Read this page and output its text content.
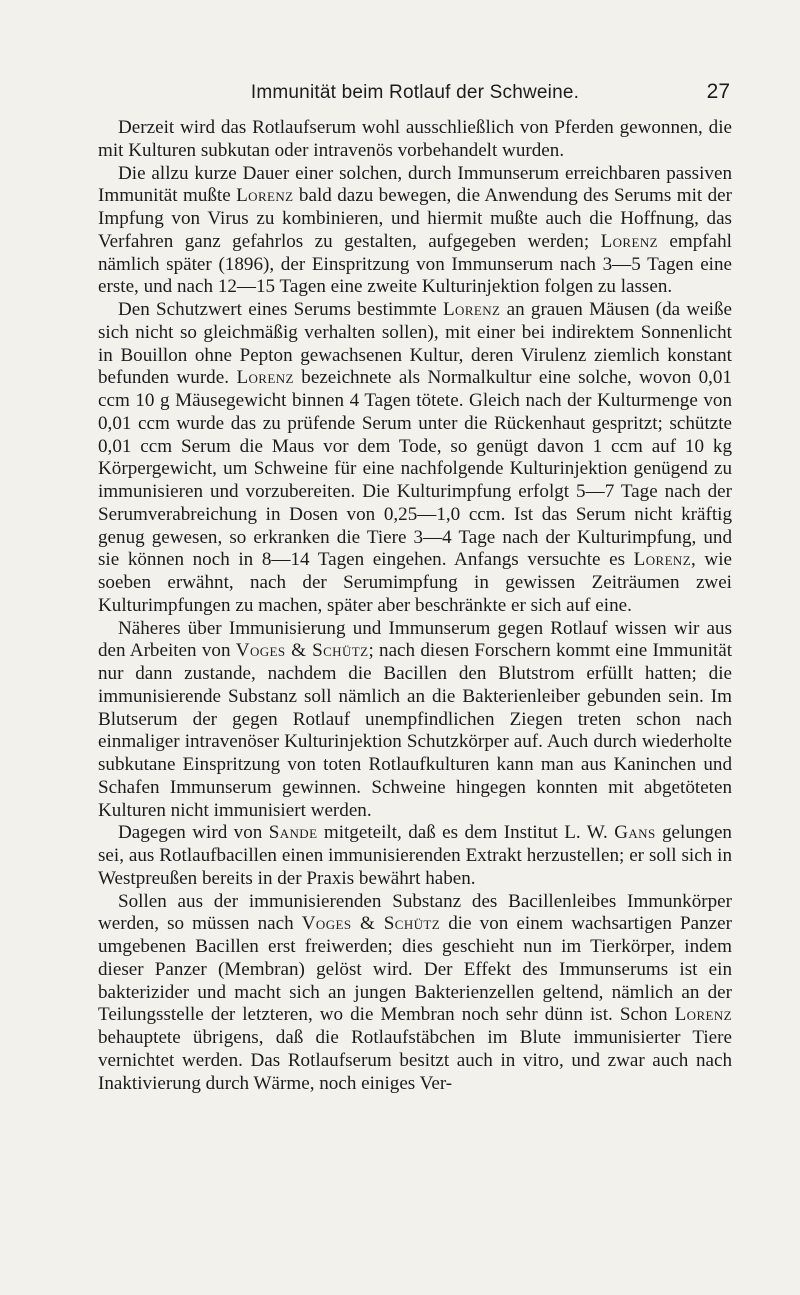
Immunität beim Rotlauf der Schweine.	27

Derzeit wird das Rotlaufserum wohl ausschließlich von Pferden gewonnen, die mit Kulturen subkutan oder intravenös vorbehandelt wurden.

Die allzu kurze Dauer einer solchen, durch Immunserum erreichbaren passiven Immunität mußte Lorenz bald dazu bewegen, die Anwendung des Serums mit der Impfung von Virus zu kombinieren, und hiermit mußte auch die Hoffnung, das Verfahren ganz gefahrlos zu gestalten, aufgegeben werden; Lorenz empfahl nämlich später (1896), der Einspritzung von Immunserum nach 3—5 Tagen eine erste, und nach 12—15 Tagen eine zweite Kulturinjektion folgen zu lassen.

Den Schutzwert eines Serums bestimmte Lorenz an grauen Mäusen (da weiße sich nicht so gleichmäßig verhalten sollen), mit einer bei indirektem Sonnenlicht in Bouillon ohne Pepton gewachsenen Kultur, deren Virulenz ziemlich konstant befunden wurde. Lorenz bezeichnete als Normalkultur eine solche, wovon 0,01 ccm 10 g Mäusegewicht binnen 4 Tagen tötete. Gleich nach der Kulturmenge von 0,01 ccm wurde das zu prüfende Serum unter die Rückenhaut gespritzt; schützte 0,01 ccm Serum die Maus vor dem Tode, so genügt davon 1 ccm auf 10 kg Körpergewicht, um Schweine für eine nachfolgende Kulturinjektion genügend zu immunisieren und vorzubereiten. Die Kulturimpfung erfolgt 5—7 Tage nach der Serumverabreichung in Dosen von 0,25—1,0 ccm. Ist das Serum nicht kräftig genug gewesen, so erkranken die Tiere 3—4 Tage nach der Kulturimpfung, und sie können noch in 8—14 Tagen eingehen. Anfangs versuchte es Lorenz, wie soeben erwähnt, nach der Serumimpfung in gewissen Zeiträumen zwei Kulturimpfungen zu machen, später aber beschränkte er sich auf eine.

Näheres über Immunisierung und Immunserum gegen Rotlauf wissen wir aus den Arbeiten von Voges & Schütz; nach diesen Forschern kommt eine Immunität nur dann zustande, nachdem die Bacillen den Blutstrom erfüllt hatten; die immunisierende Substanz soll nämlich an die Bakterienleiber gebunden sein. Im Blutserum der gegen Rotlauf unempfindlichen Ziegen treten schon nach einmaliger intravenöser Kulturinjektion Schutzkörper auf. Auch durch wiederholte subkutane Einspritzung von toten Rotlaufkulturen kann man aus Kaninchen und Schafen Immunserum gewinnen. Schweine hingegen konnten mit abgetöteten Kulturen nicht immunisiert werden.

Dagegen wird von Sande mitgeteilt, daß es dem Institut L. W. Gans gelungen sei, aus Rotlaufbacillen einen immunisierenden Extrakt herzustellen; er soll sich in Westpreußen bereits in der Praxis bewährt haben.

Sollen aus der immunisierenden Substanz des Bacillenleibes Immunkörper werden, so müssen nach Voges & Schütz die von einem wachsartigen Panzer umgebenen Bacillen erst freiwerden; dies geschieht nun im Tierkörper, indem dieser Panzer (Membran) gelöst wird. Der Effekt des Immunserums ist ein bakterizider und macht sich an jungen Bakterienzellen geltend, nämlich an der Teilungsstelle der letzteren, wo die Membran noch sehr dünn ist. Schon Lorenz behauptete übrigens, daß die Rotlaufstäbchen im Blute immunisierter Tiere vernichtet werden. Das Rotlaufserum besitzt auch in vitro, und zwar auch nach Inaktivierung durch Wärme, noch einiges Ver-
